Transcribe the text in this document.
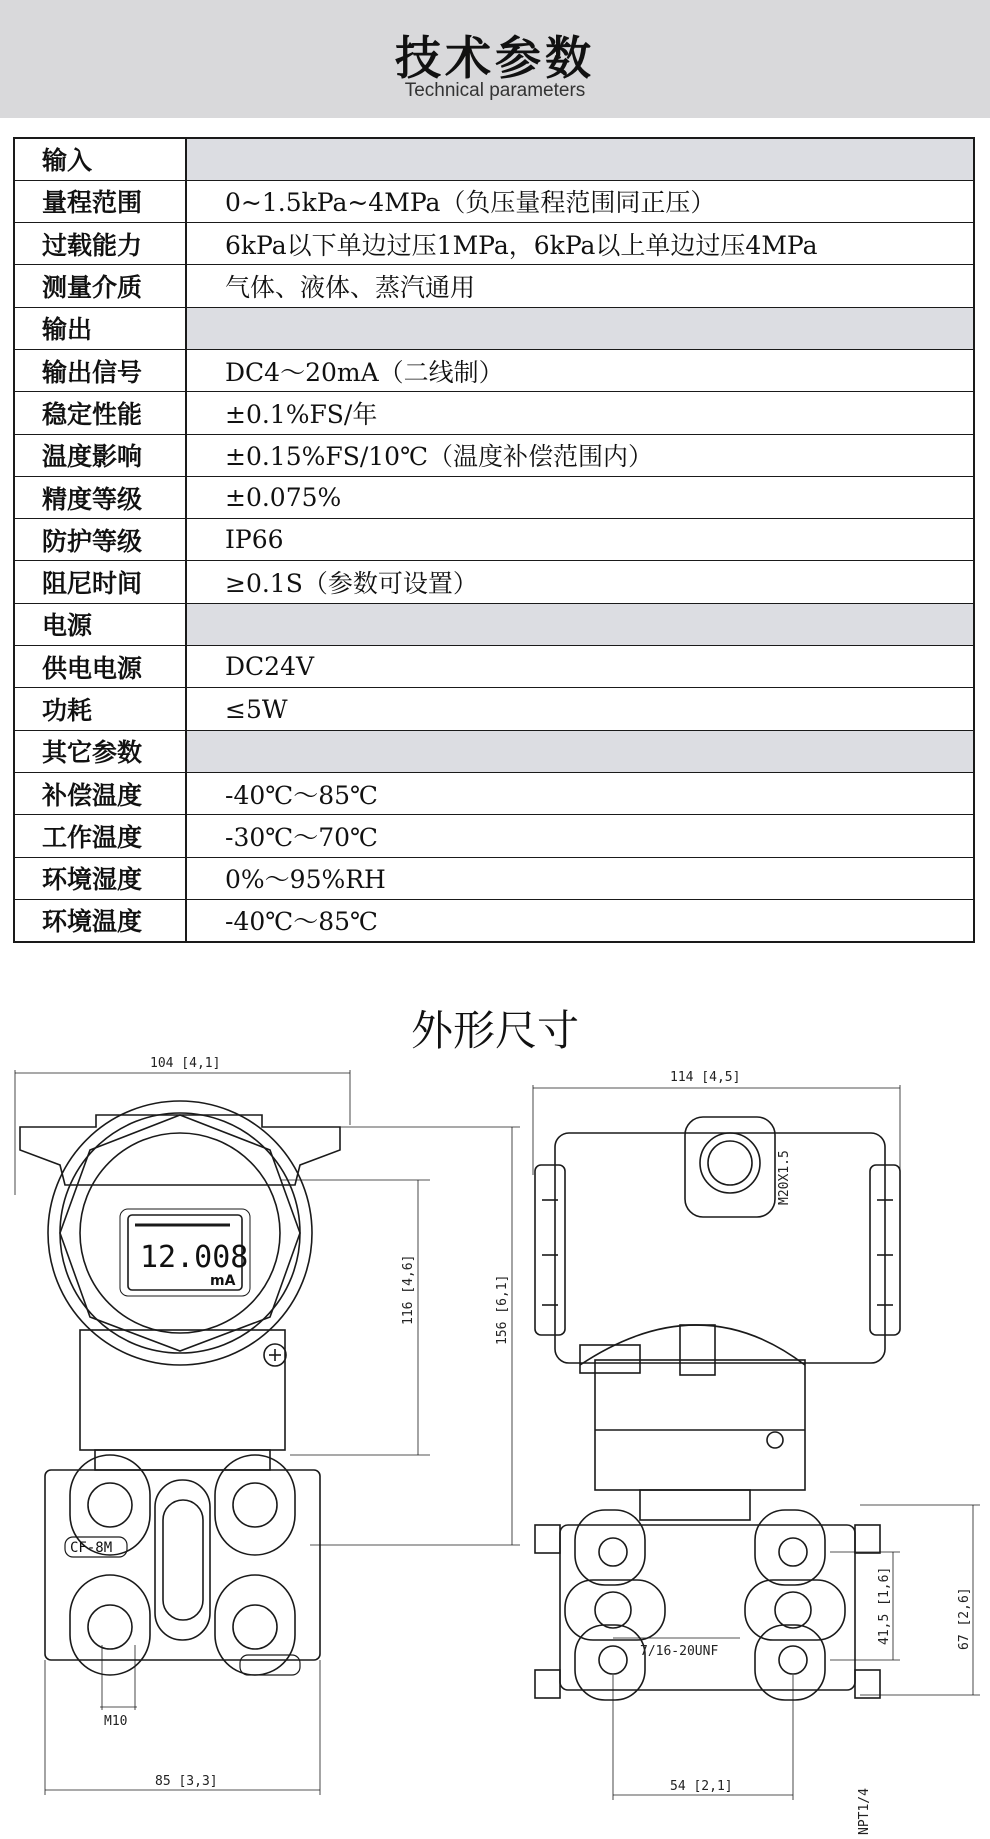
技术参数
Technical parameters
输入	
量程范围	0~1.5kPa~4MPa（负压量程范围同正压）
过载能力	6kPa以下单边过压1MPa，6kPa以上单边过压4MPa
测量介质	气体、液体、蒸汽通用
输出	
输出信号	DC4～20mA（二线制）
稳定性能	±0.1%FS/年
温度影响	±0.15%FS/10℃（温度补偿范围内）
精度等级	±0.075%
防护等级	IP66
阻尼时间	≥0.1S（参数可设置）
电源	
供电电源	DC24V
功耗	≤5W
其它参数	
补偿温度	-40℃～85℃
工作温度	-30℃～70℃
环境湿度	0%～95%RH
环境温度	-40℃～85℃
外形尺寸
104 [4,1]
116 [4,6]	156 [6,1]
M10
85 [3,3]
12.008
mA
CF-8M
114 [4,5]
M20X1.5
7/16-20UNF
41,5 [1,6]	67 [2,6]
54 [2,1]
NPT1/4
